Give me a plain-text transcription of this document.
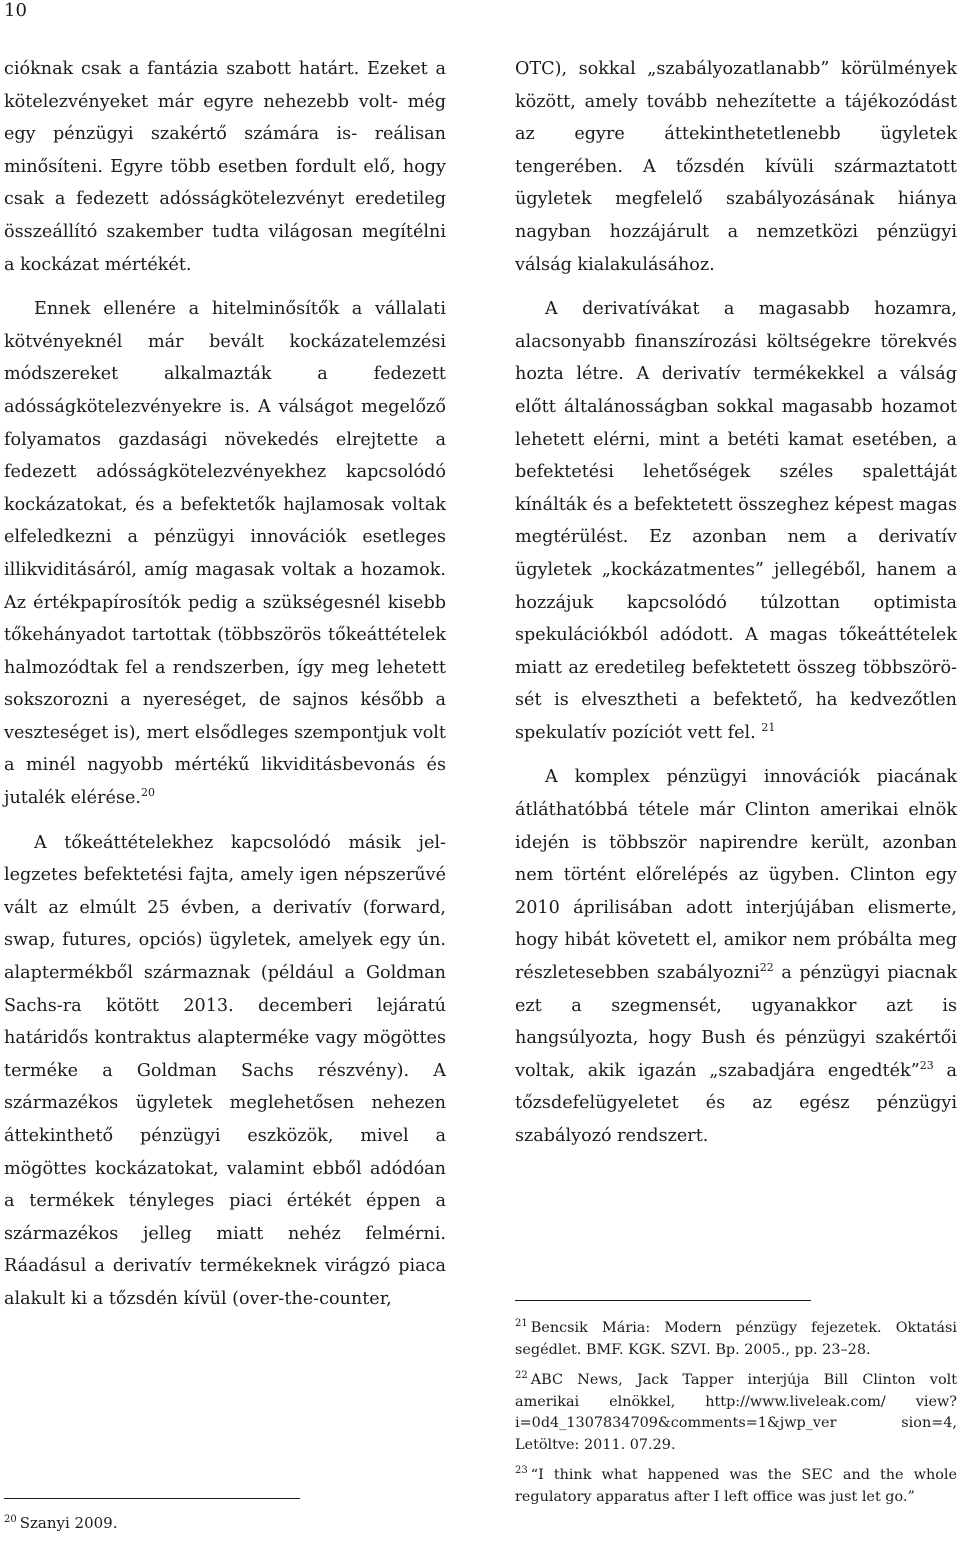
10

cióknak csak a fantázia szabott határt. Ezeket a kötelezvényeket már egyre nehezebb volt- még egy pénzügyi szakértő számára is- reálisan minősíteni. Egyre több esetben fordult elő, hogy csak a fedezett adósságkötelezvényt eredetileg összeállító szakember tudta világosan megítélni a kockázat mértékét.

Ennek ellenére a hitelminősítők a vállalati kötvényeknél már bevált kockázatelemzési módszereket alkalmazták a fedezett adósságkötelezvényekre is. A válságot megelőző folyamatos gazdasági növekedés elrejtette a fedezett adósságkötelezvényekhez kapcsolódó kockázatokat, és a befektetők hajlamosak voltak elfeledkezni a pénzügyi innovációk esetleges illikviditásáról, amíg magasak voltak a hozamok. Az értékpapírosítók pedig a szükségesnél kisebb tőkehányadot tartottak (többszörös tőkeáttételek halmozódtak fel a rendszerben, így meg lehetett sokszorozni a nyereséget, de sajnos később a veszteséget is), mert elsődleges szempontjuk volt a minél nagyobb mértékű likviditásbevonás és jutalék elérése.$^{20}$

A tőkeáttételekhez kapcsolódó másik jellegzetes befektetési fajta, amely igen népszerűvé vált az elmúlt 25 évben, a derivatív (forward, swap, futures, opciós) ügyletek, amelyek egy ún. alaptermékből származnak (például a Goldman Sachs-ra kötött 2013. decemberi lejáratú határidős kontraktus alapterméke vagy mögöttes terméke a Goldman Sachs részvény). A származékos ügyletek meglehetősen nehezen áttekinthető pénzügyi eszközök, mivel a mögöttes kockázatokat, valamint ebből adódóan a termékek tényleges piaci értékét éppen a származékos jelleg miatt nehéz felmérni. Ráadásul a derivatív termékeknek virágzó piaca alakult ki a tőzsdén kívül (over-the-counter,

OTC), sokkal „szabályozatlanabb” körülmények között, amely tovább nehezítette a tájékozódást az egyre áttekinthetetlenebb ügyletek tengerében. A tőzsdén kívüli származtatott ügyletek megfelelő szabályozásának hiánya nagyban hozzájárult a nemzetközi pénzügyi válság kialakulásához.

A derivatívákat a magasabb hozamra, alacsonyabb finanszírozási költségekre törekvés hozta létre. A derivatív termékekkel a válság előtt általánosságban sokkal magasabb hozamot lehetett elérni, mint a betéti kamat esetében, a befektetési lehetőségek széles spalettáját kínálták és a befektetett összeghez képest magas megtérülést. Ez azonban nem a derivatív ügyletek „kockázatmentes” jellegéből, hanem a hozzájuk kapcsolódó túlzottan optimista spekulációkból adódott. A magas tőkeáttételek miatt az eredetileg befektetett összeg többszörösét is elvesztheti a befektető, ha kedvezőtlen spekulatív pozíciót vett fel. $^{21}$

A komplex pénzügyi innovációk piacának átláthatóbbá tétele már Clinton amerikai elnök idején is többször napirendre került, azonban nem történt előrelépés az ügyben. Clinton egy 2010 áprilisában adott interjújában elismerte, hogy hibát követett el, amikor nem próbálta meg részletesebben szabályozni$^{22}$ a pénzügyi piacnak ezt a szegmensét, ugyanakkor azt is hangsúlyozta, hogy Bush és pénzügyi szakértői voltak, akik igazán „szabadjára engedték”$^{23}$ a tőzsdefelügyeletet és az egész pénzügyi szabályozó rendszert.

$^{21}$ Bencsik Mária: Modern pénzügy fejezetek. Oktatási segédlet. BMF. KGK. SZVI. Bp. 2005., pp. 23–28.

$^{22}$ ABC News, Jack Tapper interjúja Bill Clinton volt amerikai elnökkel, http://www.liveleak.com/ view?i=0d4_1307834709&comments=1&jwp_ver sion=4, Letöltve: 2011. 07.29.

$^{23}$ “I think what happened was the SEC and the whole regulatory apparatus after I left office was just let go.”

$^{20}$ Szanyi 2009.
